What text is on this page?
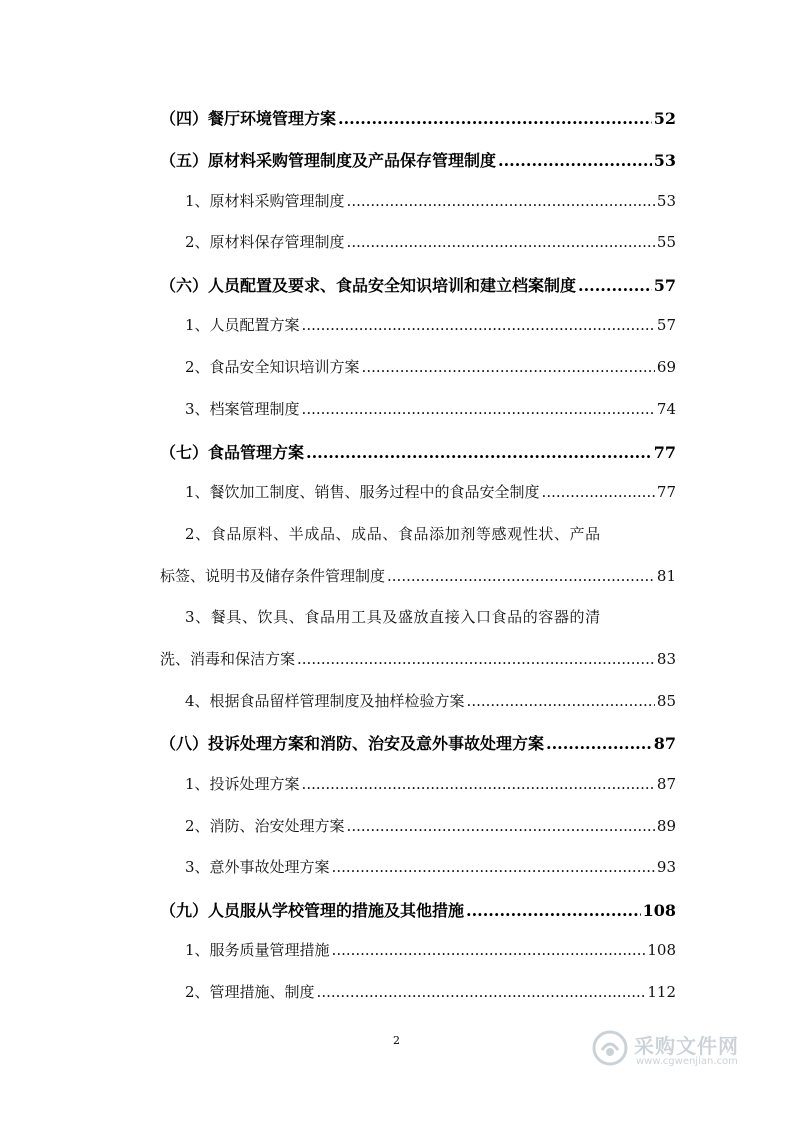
（四）餐厅环境管理方案 .....	52
（五）原材料采购管理制度及产品保存管理制度 .....	53
1、原材料采购管理制度 .....	53
2、原材料保存管理制度 .....	55
（六）人员配置及要求、食品安全知识培训和建立档案制度 .....	57
1、人员配置方案 .....	57
2、食品安全知识培训方案 .....	69
3、档案管理制度 .....	74
（七）食品管理方案 .....	77
1、餐饮加工制度、销售、服务过程中的食品安全制度 .....	77
2、食品原料、半成品、成品、食品添加剂等感观性状、产品
标签、说明书及储存条件管理制度 .....	81
3、餐具、饮具、食品用工具及盛放直接入口食品的容器的清
洗、消毒和保洁方案 .....	83
4、根据食品留样管理制度及抽样检验方案 .....	85
（八）投诉处理方案和消防、治安及意外事故处理方案 .....	87
1、投诉处理方案 .....	87
2、消防、治安处理方案 .....	89
3、意外事故处理方案 .....	93
（九）人员服从学校管理的措施及其他措施 .....	108
1、服务质量管理措施 .....	108
2、管理措施、制度 .....	112
2	采购文件网
www.cgwenjian.com
